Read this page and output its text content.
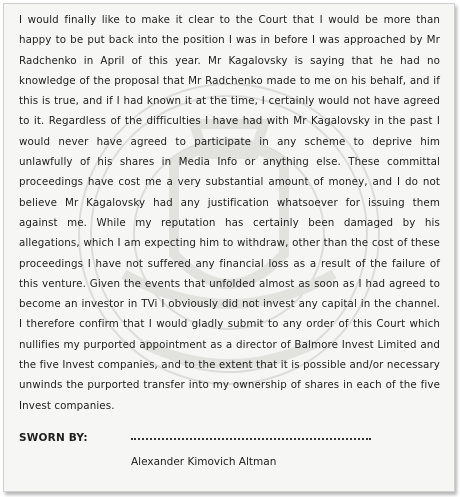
I would finally like to make it clear to the Court that I would be more than happy to be put back into the position I was in before I was approached by Mr Radchenko in April of this year. Mr Kagalovsky is saying that he had no knowledge of the proposal that Mr Radchenko made to me on his behalf, and if this is true, and if I had known it at the time, I certainly would not have agreed to it. Regardless of the difficulties I have had with Mr Kagalovsky in the past I would never have agreed to participate in any scheme to deprive him unlawfully of his shares in Media Info or anything else. These committal proceedings have cost me a very substantial amount of money, and I do not believe Mr Kagalovsky had any justification whatsoever for issuing them against me. While my reputation has certainly been damaged by his allegations, which I am expecting him to withdraw, other than the cost of these proceedings I have not suffered any financial loss as a result of the failure of this venture. Given the events that unfolded almost as soon as I had agreed to become an investor in TVi I obviously did not invest any capital in the channel. I therefore confirm that I would gladly submit to any order of this Court which nullifies my purported appointment as a director of Balmore Invest Limited and the five Invest companies, and to the extent that it is possible and/or necessary unwinds the purported transfer into my ownership of shares in each of the five Invest companies.

SWORN BY:
Alexander Kimovich Altman
